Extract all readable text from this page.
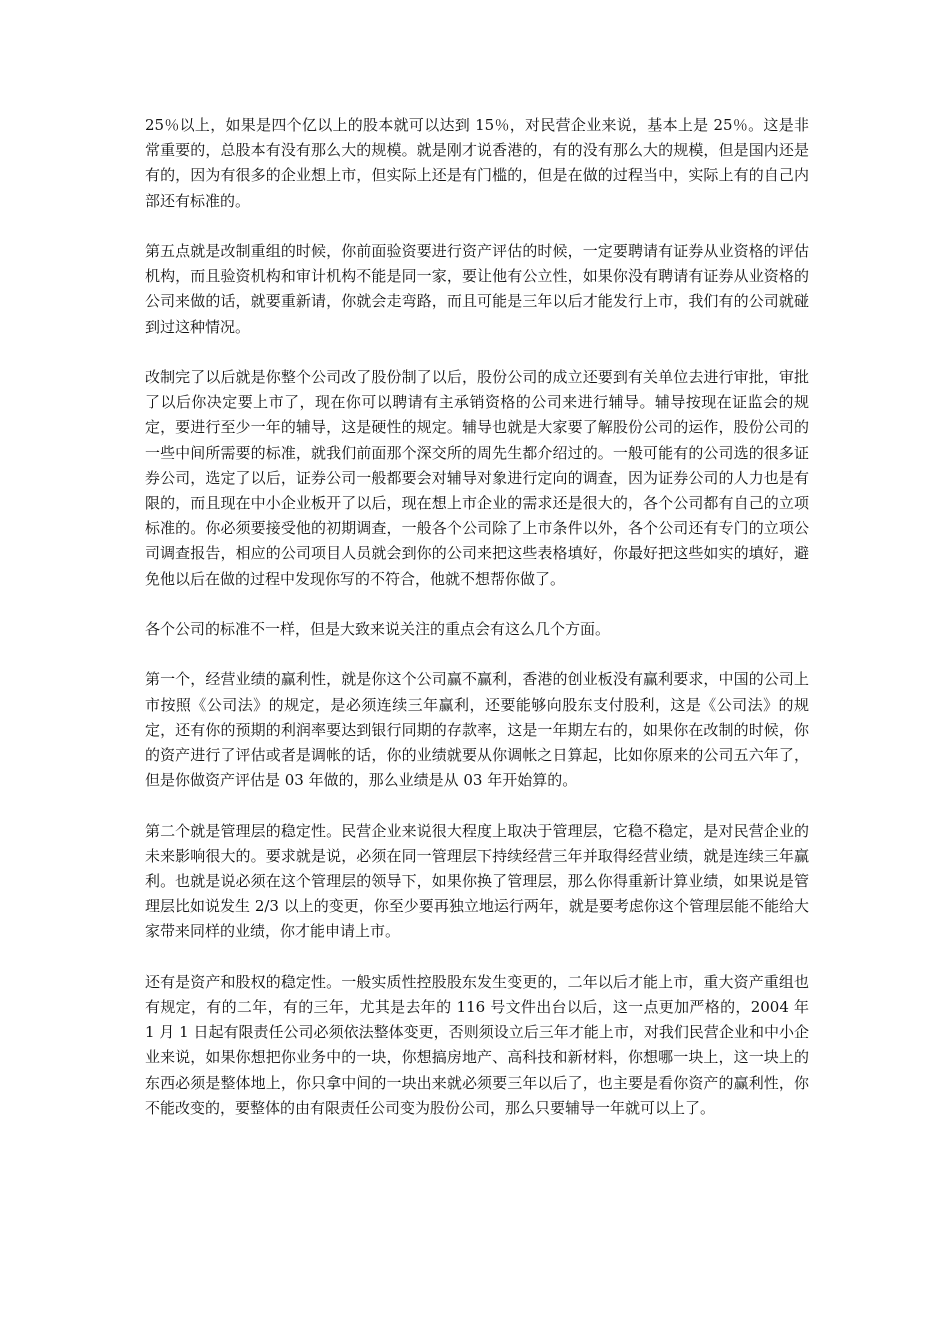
25％以上，如果是四个亿以上的股本就可以达到 15％，对民营企业来说，基本上是 25％。这是非常重要的，总股本有没有那么大的规模。就是刚才说香港的，有的没有那么大的规模，但是国内还是有的，因为有很多的企业想上市，但实际上还是有门槛的，但是在做的过程当中，实际上有的自己内部还有标准的。

第五点就是改制重组的时候，你前面验资要进行资产评估的时候，一定要聘请有证券从业资格的评估机构，而且验资机构和审计机构不能是同一家，要让他有公立性，如果你没有聘请有证券从业资格的公司来做的话，就要重新请，你就会走弯路，而且可能是三年以后才能发行上市，我们有的公司就碰到过这种情况。

改制完了以后就是你整个公司改了股份制了以后，股份公司的成立还要到有关单位去进行审批，审批了以后你决定要上市了，现在你可以聘请有主承销资格的公司来进行辅导。辅导按现在证监会的规定，要进行至少一年的辅导，这是硬性的规定。辅导也就是大家要了解股份公司的运作，股份公司的一些中间所需要的标准，就我们前面那个深交所的周先生都介绍过的。一般可能有的公司选的很多证券公司，选定了以后，证券公司一般都要会对辅导对象进行定向的调查，因为证券公司的人力也是有限的，而且现在中小企业板开了以后，现在想上市企业的需求还是很大的，各个公司都有自己的立项标准的。你必须要接受他的初期调查，一般各个公司除了上市条件以外，各个公司还有专门的立项公司调查报告，相应的公司项目人员就会到你的公司来把这些表格填好，你最好把这些如实的填好，避免他以后在做的过程中发现你写的不符合，他就不想帮你做了。

各个公司的标准不一样，但是大致来说关注的重点会有这么几个方面。

第一个，经营业绩的赢利性，就是你这个公司赢不赢利，香港的创业板没有赢利要求，中国的公司上市按照《公司法》的规定，是必须连续三年赢利，还要能够向股东支付股利，这是《公司法》的规定，还有你的预期的利润率要达到银行同期的存款率，这是一年期左右的，如果你在改制的时候，你的资产进行了评估或者是调帐的话，你的业绩就要从你调帐之日算起，比如你原来的公司五六年了，但是你做资产评估是 03 年做的，那么业绩是从 03 年开始算的。

第二个就是管理层的稳定性。民营企业来说很大程度上取决于管理层，它稳不稳定，是对民营企业的未来影响很大的。要求就是说，必须在同一管理层下持续经营三年并取得经营业绩，就是连续三年赢利。也就是说必须在这个管理层的领导下，如果你换了管理层，那么你得重新计算业绩，如果说是管理层比如说发生 2/3 以上的变更，你至少要再独立地运行两年，就是要考虑你这个管理层能不能给大家带来同样的业绩，你才能申请上市。

还有是资产和股权的稳定性。一般实质性控股股东发生变更的，二年以后才能上市，重大资产重组也有规定，有的二年，有的三年，尤其是去年的 116 号文件出台以后，这一点更加严格的，2004 年 1 月 1 日起有限责任公司必须依法整体变更，否则须设立后三年才能上市，对我们民营企业和中小企业来说，如果你想把你业务中的一块，你想搞房地产、高科技和新材料，你想哪一块上，这一块上的东西必须是整体地上，你只拿中间的一块出来就必须要三年以后了，也主要是看你资产的赢利性，你不能改变的，要整体的由有限责任公司变为股份公司，那么只要辅导一年就可以上了。
